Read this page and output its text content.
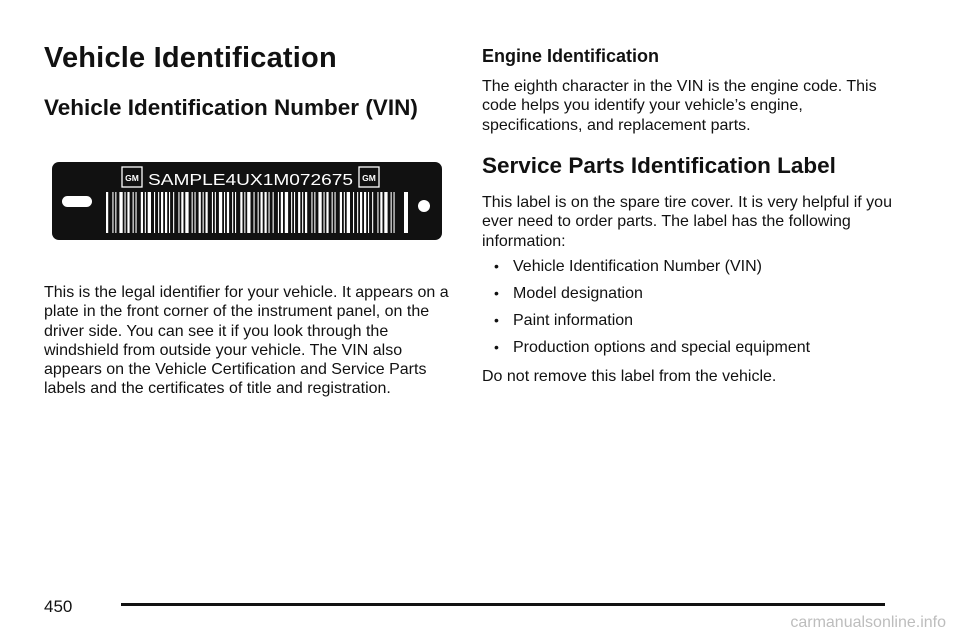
Vehicle Identification
Vehicle Identification Number (VIN)
GM	GM
SAMPLE4UX1M072675

This is the legal identifier for your vehicle. It appears on a plate in the front corner of the instrument panel, on the driver side. You can see it if you look through the windshield from outside your vehicle. The VIN also appears on the Vehicle Certification and Service Parts labels and the certificates of title and registration.

Engine Identification

The eighth character in the VIN is the engine code. This code helps you identify your vehicle’s engine, specifications, and replacement parts.

Service Parts Identification Label

This label is on the spare tire cover. It is very helpful if you ever need to order parts. The label has the following information:

• Vehicle Identification Number (VIN)
• Model designation
• Paint information
• Production options and special equipment

Do not remove this label from the vehicle.

450
carmanualsonline.info
